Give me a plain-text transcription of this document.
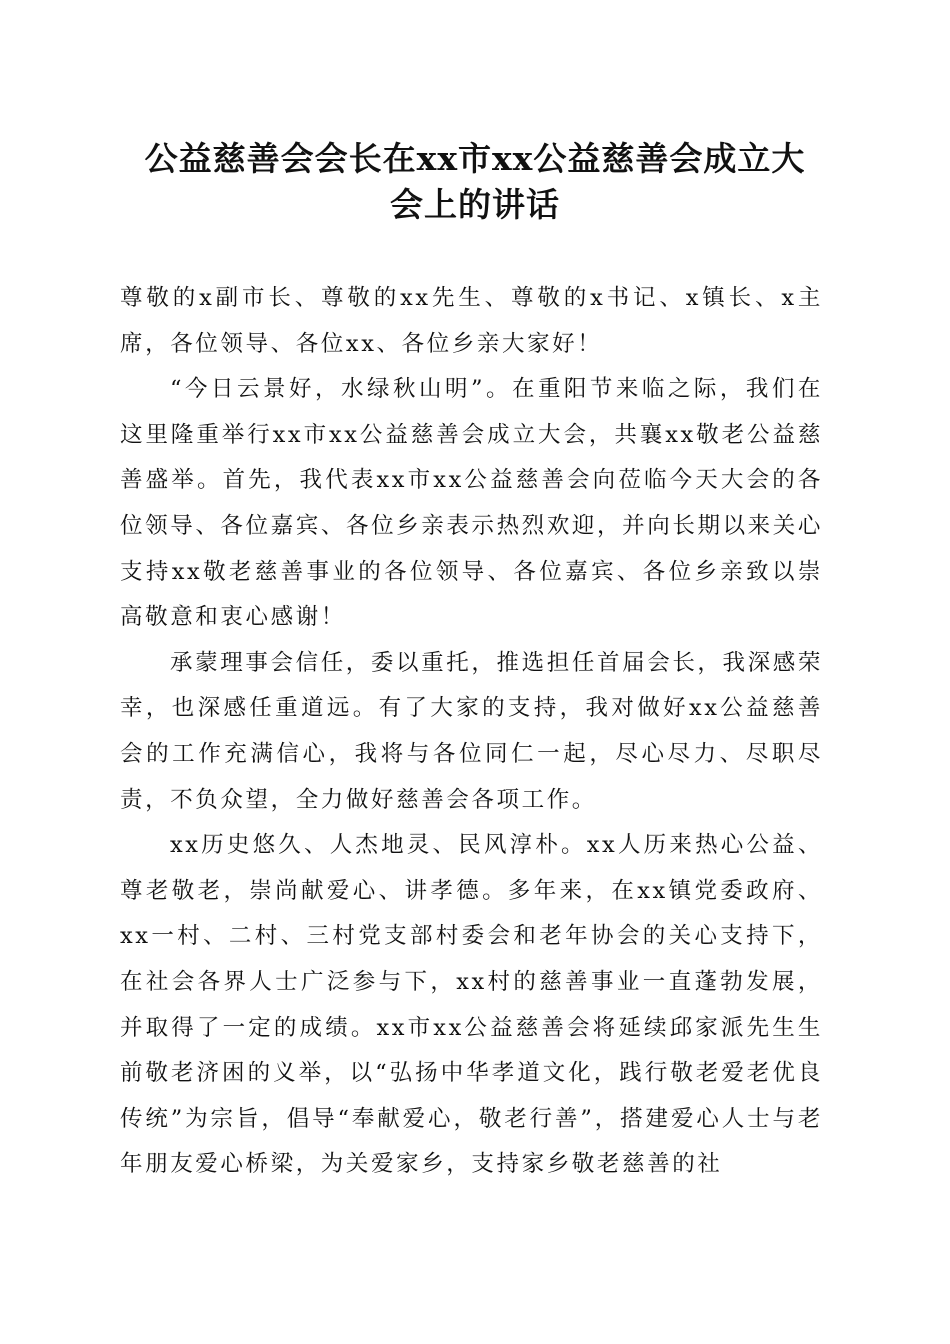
公益慈善会会长在xx市xx公益慈善会成立大
会上的讲话

尊敬的x副市长、尊敬的xx先生、尊敬的x书记、x镇长、x主席，各位领导、各位xx、各位乡亲大家好！

“今日云景好，水绿秋山明”。在重阳节来临之际，我们在这里隆重举行xx市xx公益慈善会成立大会，共襄xx敬老公益慈善盛举。首先，我代表xx市xx公益慈善会向莅临今天大会的各位领导、各位嘉宾、各位乡亲表示热烈欢迎，并向长期以来关心支持xx敬老慈善事业的各位领导、各位嘉宾、各位乡亲致以崇高敬意和衷心感谢！

承蒙理事会信任，委以重托，推选担任首届会长，我深感荣幸，也深感任重道远。有了大家的支持，我对做好xx公益慈善会的工作充满信心，我将与各位同仁一起，尽心尽力、尽职尽责，不负众望，全力做好慈善会各项工作。

xx历史悠久、人杰地灵、民风淳朴。xx人历来热心公益、尊老敬老，崇尚献爱心、讲孝德。多年来，在xx镇党委政府、xx一村、二村、三村党支部村委会和老年协会的关心支持下，在社会各界人士广泛参与下，xx村的慈善事业一直蓬勃发展，并取得了一定的成绩。xx市xx公益慈善会将延续邱家派先生生前敬老济困的义举，以“弘扬中华孝道文化，践行敬老爱老优良传统”为宗旨，倡导“奉献爱心，敬老行善”，搭建爱心人士与老年朋友爱心桥梁，为关爱家乡，支持家乡敬老慈善的社
